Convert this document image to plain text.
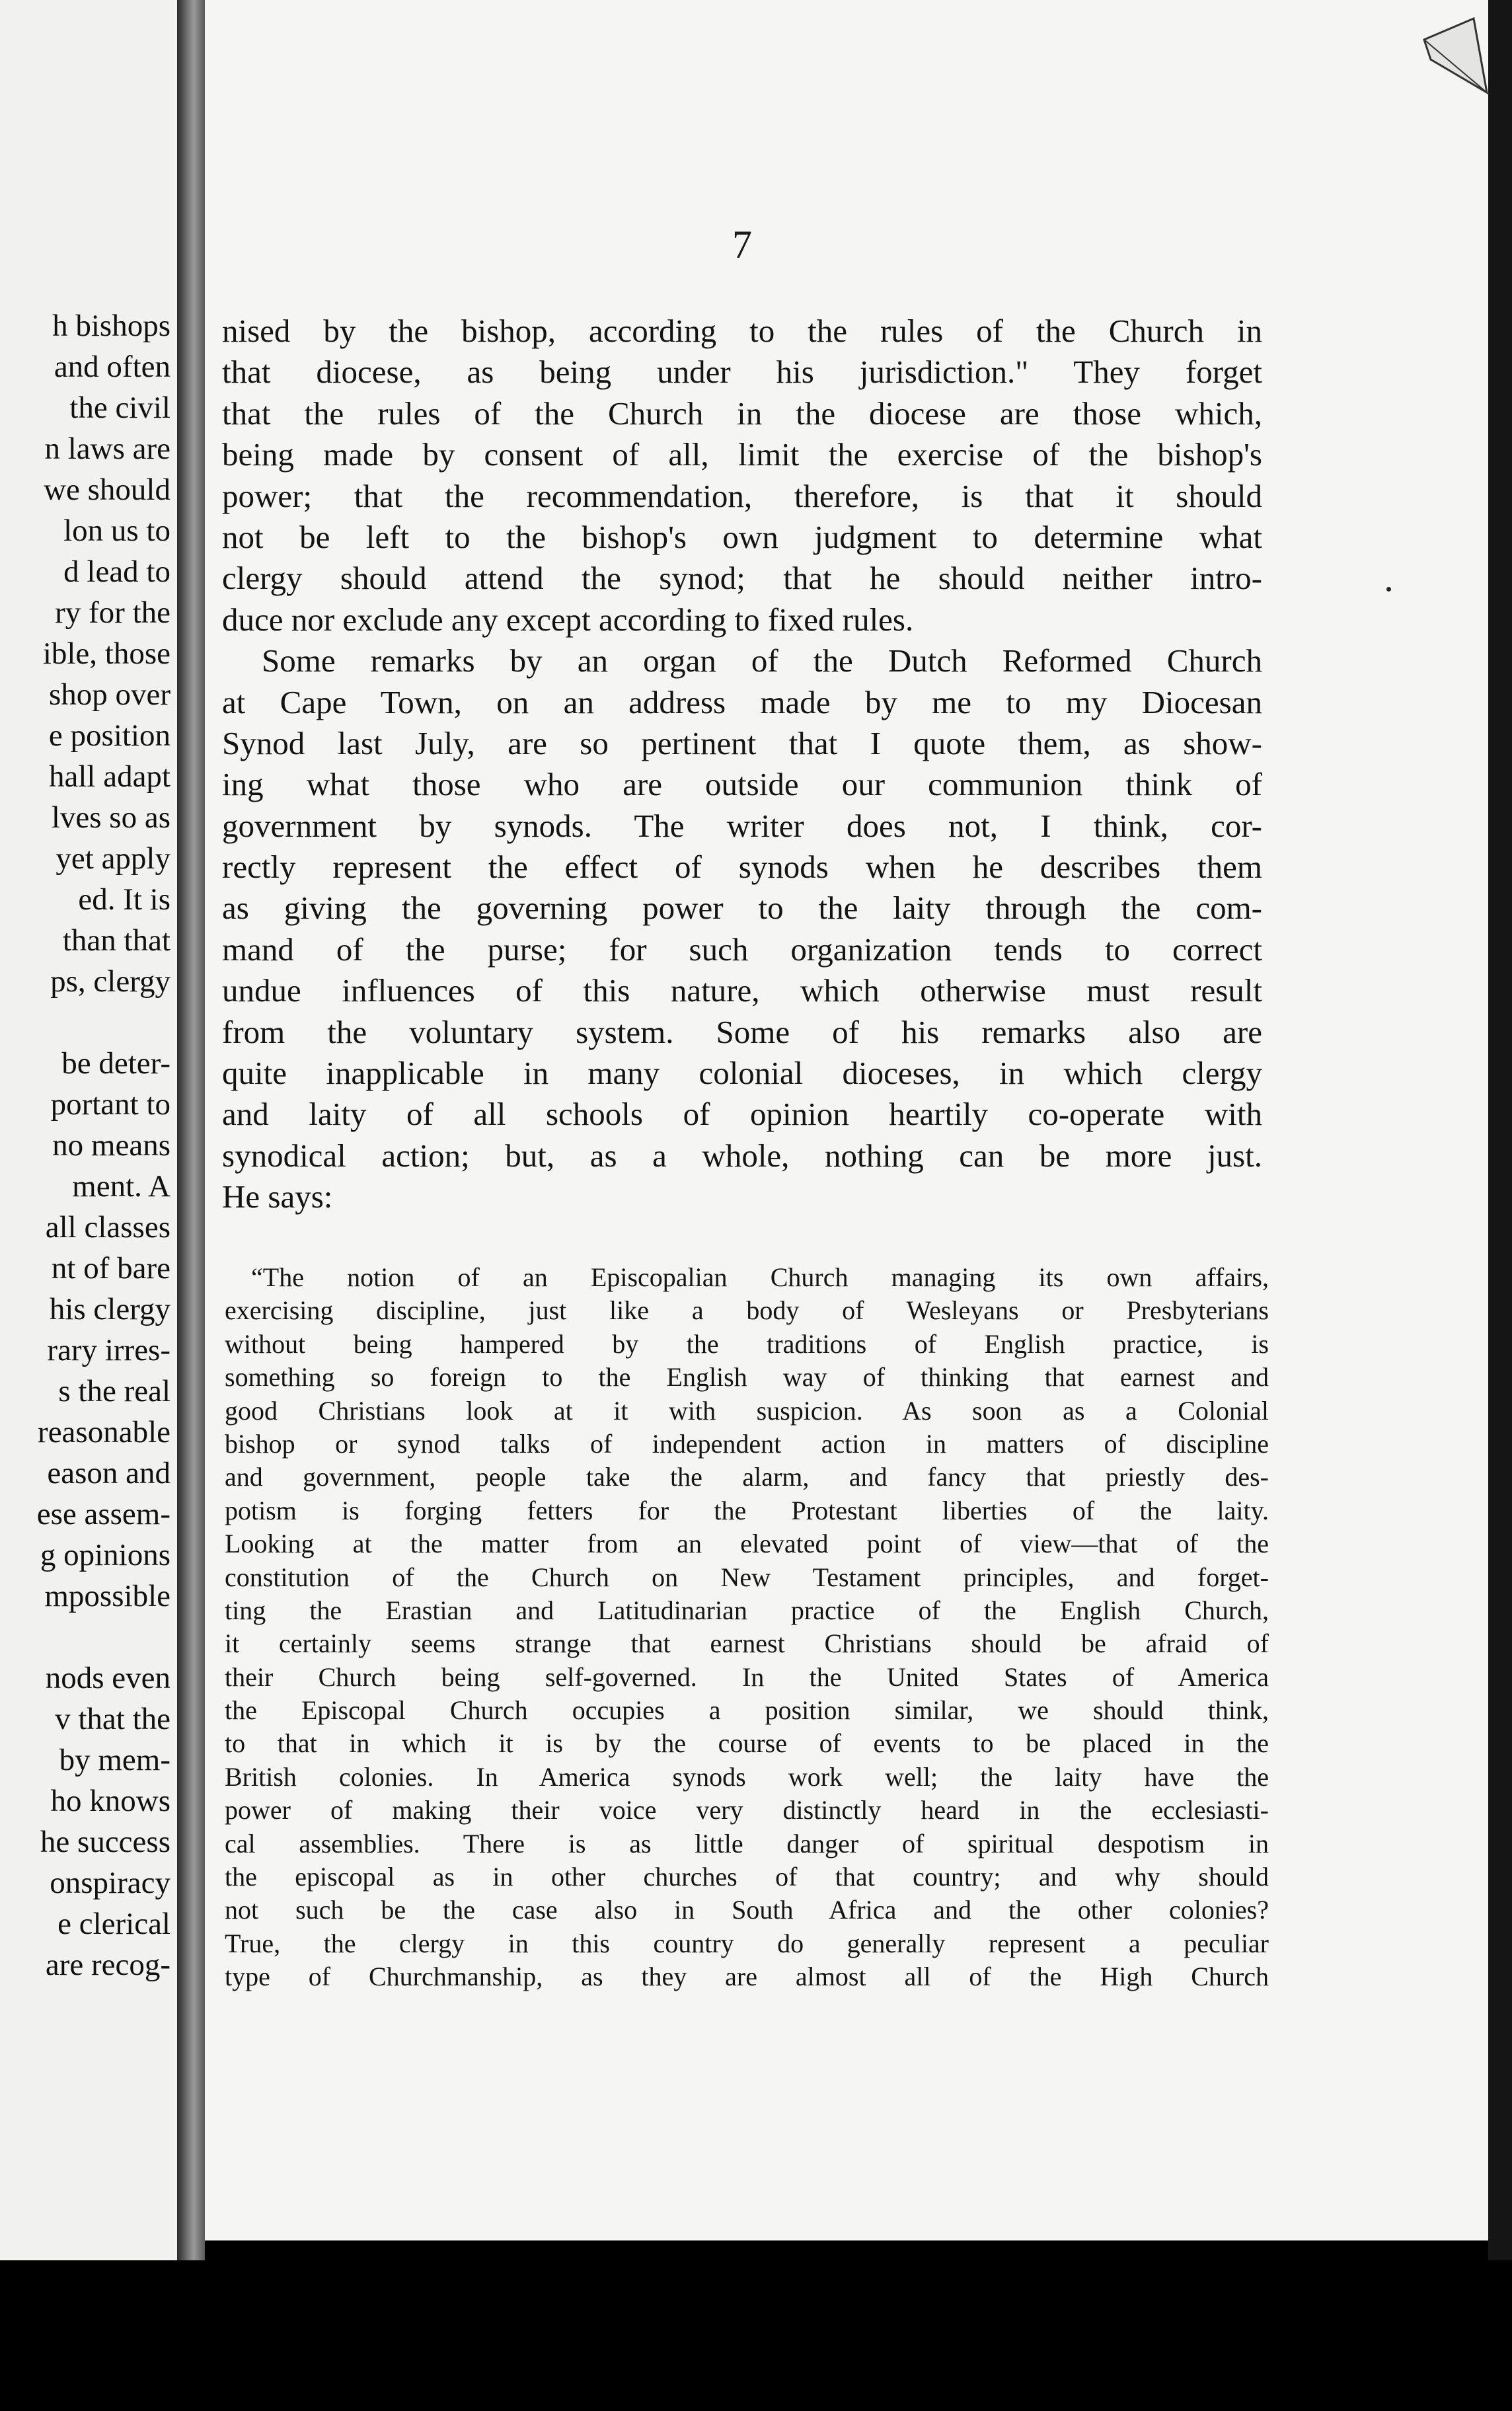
h bishops
and often
the civil
n laws are
we should
lon us to
d lead to
ry for the
ible, those
shop over
e position
hall adapt
lves so as
yet apply
ed. It is
than that
ps, clergy
be deter-
portant to
no means
ment. A
all classes
nt of bare
his clergy
rary irres-
s the real
reasonable
eason and
ese assem-
g opinions
mpossible
nods even
v that the
by mem-
ho knows
he success
onspiracy
e clerical
are recog-
7
nised by the bishop, according to the rules of the Church in
that diocese, as being under his jurisdiction." They forget
that the rules of the Church in the diocese are those which,
being made by consent of all, limit the exercise of the bishop's
power; that the recommendation, therefore, is that it should
not be left to the bishop's own judgment to determine what
clergy should attend the synod; that he should neither intro-
duce nor exclude any except according to fixed rules.
Some remarks by an organ of the Dutch Reformed Church
at Cape Town, on an address made by me to my Diocesan
Synod last July, are so pertinent that I quote them, as show-
ing what those who are outside our communion think of
government by synods. The writer does not, I think, cor-
rectly represent the effect of synods when he describes them
as giving the governing power to the laity through the com-
mand of the purse; for such organization tends to correct
undue influences of this nature, which otherwise must result
from the voluntary system. Some of his remarks also are
quite inapplicable in many colonial dioceses, in which clergy
and laity of all schools of opinion heartily co-operate with
synodical action; but, as a whole, nothing can be more just.
He says:
“The notion of an Episcopalian Church managing its own affairs,
exercising discipline, just like a body of Wesleyans or Presbyterians
without being hampered by the traditions of English practice, is
something so foreign to the English way of thinking that earnest and
good Christians look at it with suspicion. As soon as a Colonial
bishop or synod talks of independent action in matters of discipline
and government, people take the alarm, and fancy that priestly des-
potism is forging fetters for the Protestant liberties of the laity.
Looking at the matter from an elevated point of view—that of the
constitution of the Church on New Testament principles, and forget-
ting the Erastian and Latitudinarian practice of the English Church,
it certainly seems strange that earnest Christians should be afraid of
their Church being self-governed. In the United States of America
the Episcopal Church occupies a position similar, we should think,
to that in which it is by the course of events to be placed in the
British colonies. In America synods work well; the laity have the
power of making their voice very distinctly heard in the ecclesiasti-
cal assemblies. There is as little danger of spiritual despotism in
the episcopal as in other churches of that country; and why should
not such be the case also in South Africa and the other colonies?
True, the clergy in this country do generally represent a peculiar
type of Churchmanship, as they are almost all of the High Church
